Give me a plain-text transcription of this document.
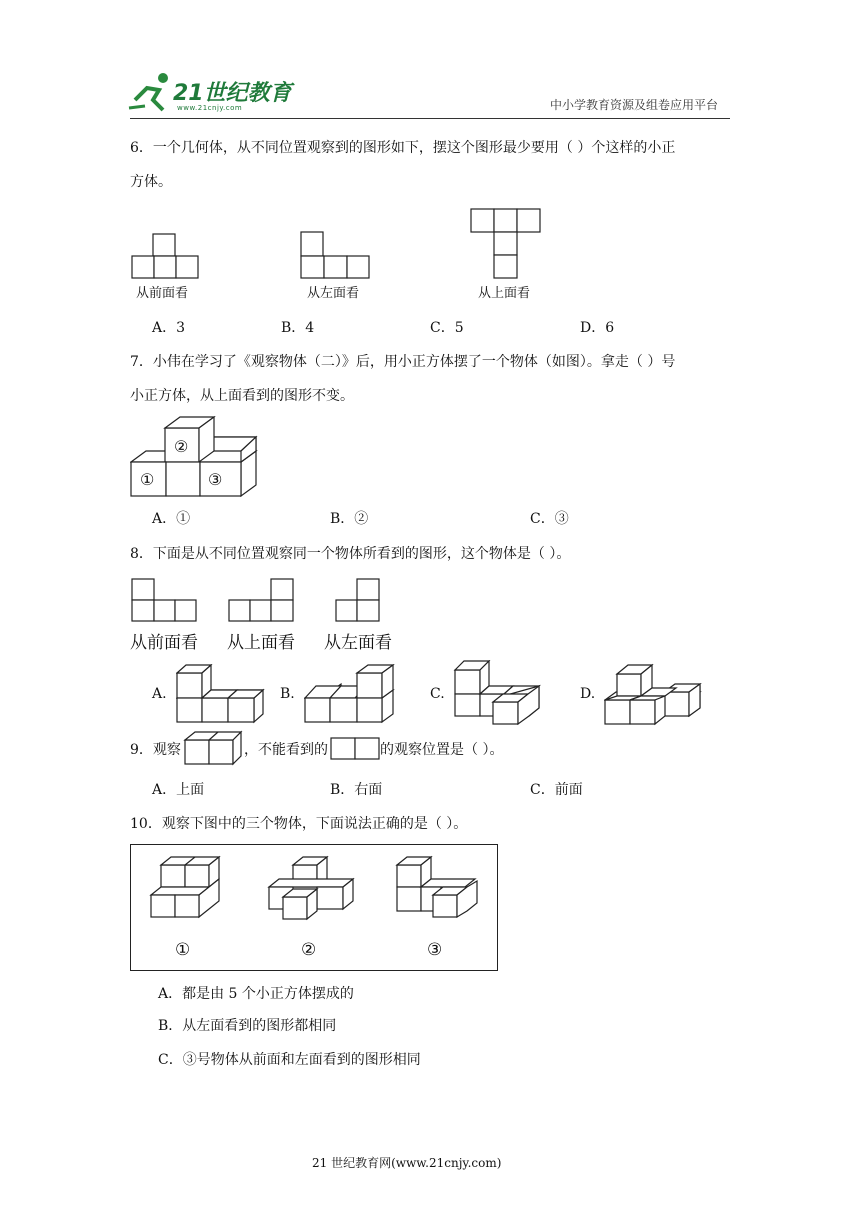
21世纪教育
www.21cnjy.com	中小学教育资源及组卷应用平台
6．一个几何体，从不同位置观察到的图形如下，摆这个图形最少要用（ ）个这样的小正
方体。
从前面看	从左面看	从上面看
A．3	B．4	C．5	D．6
7．小伟在学习了《观察物体（二）》后，用小正方体摆了一个物体（如图）。拿走（ ）号
小正方体，从上面看到的图形不变。
①
②
③
A．①	B．②	C．③
8．下面是从不同位置观察同一个物体所看到的图形，这个物体是（ ）。
从前面看 从上面看 从左面看
A.	B.	C.	D.
9．观察	，不能看到的	的观察位置是（ ）。
A．上面	B．右面	C．前面
10．观察下图中的三个物体，下面说法正确的是（ ）。
①	②	③
A．都是由 5 个小正方体摆成的
B．从左面看到的图形都相同
C．③号物体从前面和左面看到的图形相同
21 世纪教育网(www.21cnjy.com)
